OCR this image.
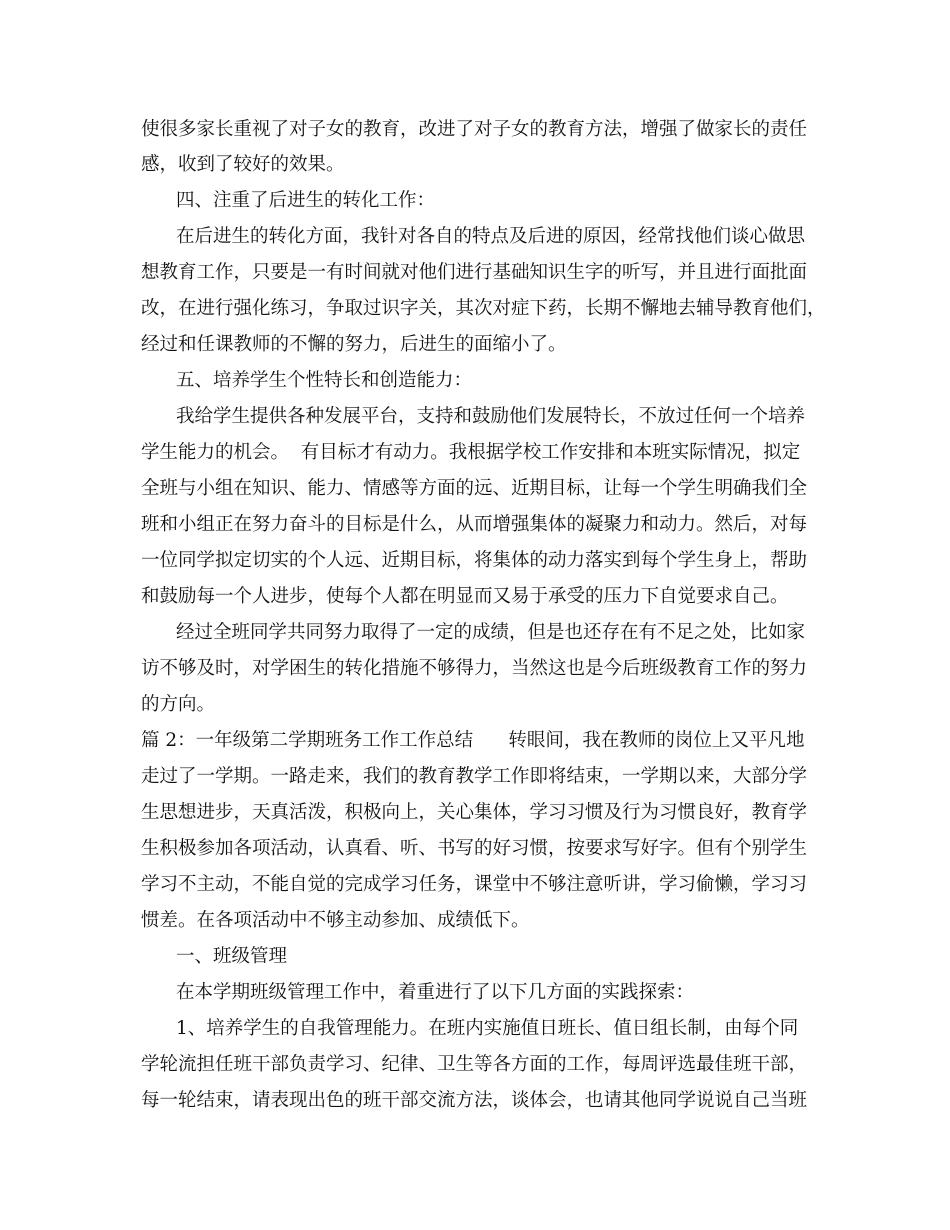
使很多家长重视了对子女的教育，改进了对子女的教育方法，增强了做家长的责任
感，收到了较好的效果。
四、注重了后进生的转化工作：
在后进生的转化方面，我针对各自的特点及后进的原因，经常找他们谈心做思
想教育工作，只要是一有时间就对他们进行基础知识生字的听写，并且进行面批面
改，在进行强化练习，争取过识字关，其次对症下药，长期不懈地去辅导教育他们，
经过和任课教师的不懈的努力，后进生的面缩小了。
五、培养学生个性特长和创造能力：
我给学生提供各种发展平台，支持和鼓励他们发展特长，不放过任何一个培养
学生能力的机会。  有目标才有动力。我根据学校工作安排和本班实际情况，拟定
全班与小组在知识、能力、情感等方面的远、近期目标，让每一个学生明确我们全
班和小组正在努力奋斗的目标是什么，从而增强集体的凝聚力和动力。然后，对每
一位同学拟定切实的个人远、近期目标，将集体的动力落实到每个学生身上，帮助
和鼓励每一个人进步，使每个人都在明显而又易于承受的压力下自觉要求自己。
经过全班同学共同努力取得了一定的成绩，但是也还存在有不足之处，比如家
访不够及时，对学困生的转化措施不够得力，当然这也是今后班级教育工作的努力
的方向。
篇 2：一年级第二学期班务工作工作总结      转眼间，我在教师的岗位上又平凡地
走过了一学期。一路走来，我们的教育教学工作即将结束，一学期以来，大部分学
生思想进步，天真活泼，积极向上，关心集体，学习习惯及行为习惯良好，教育学
生积极参加各项活动，认真看、听、书写的好习惯，按要求写好字。但有个别学生
学习不主动，不能自觉的完成学习任务，课堂中不够注意听讲，学习偷懒，学习习
惯差。在各项活动中不够主动参加、成绩低下。
一、班级管理
在本学期班级管理工作中，着重进行了以下几方面的实践探索：
1、培养学生的自我管理能力。在班内实施值日班长、值日组长制，由每个同
学轮流担任班干部负责学习、纪律、卫生等各方面的工作，每周评选最佳班干部，
每一轮结束，请表现出色的班干部交流方法，谈体会，也请其他同学说说自己当班
